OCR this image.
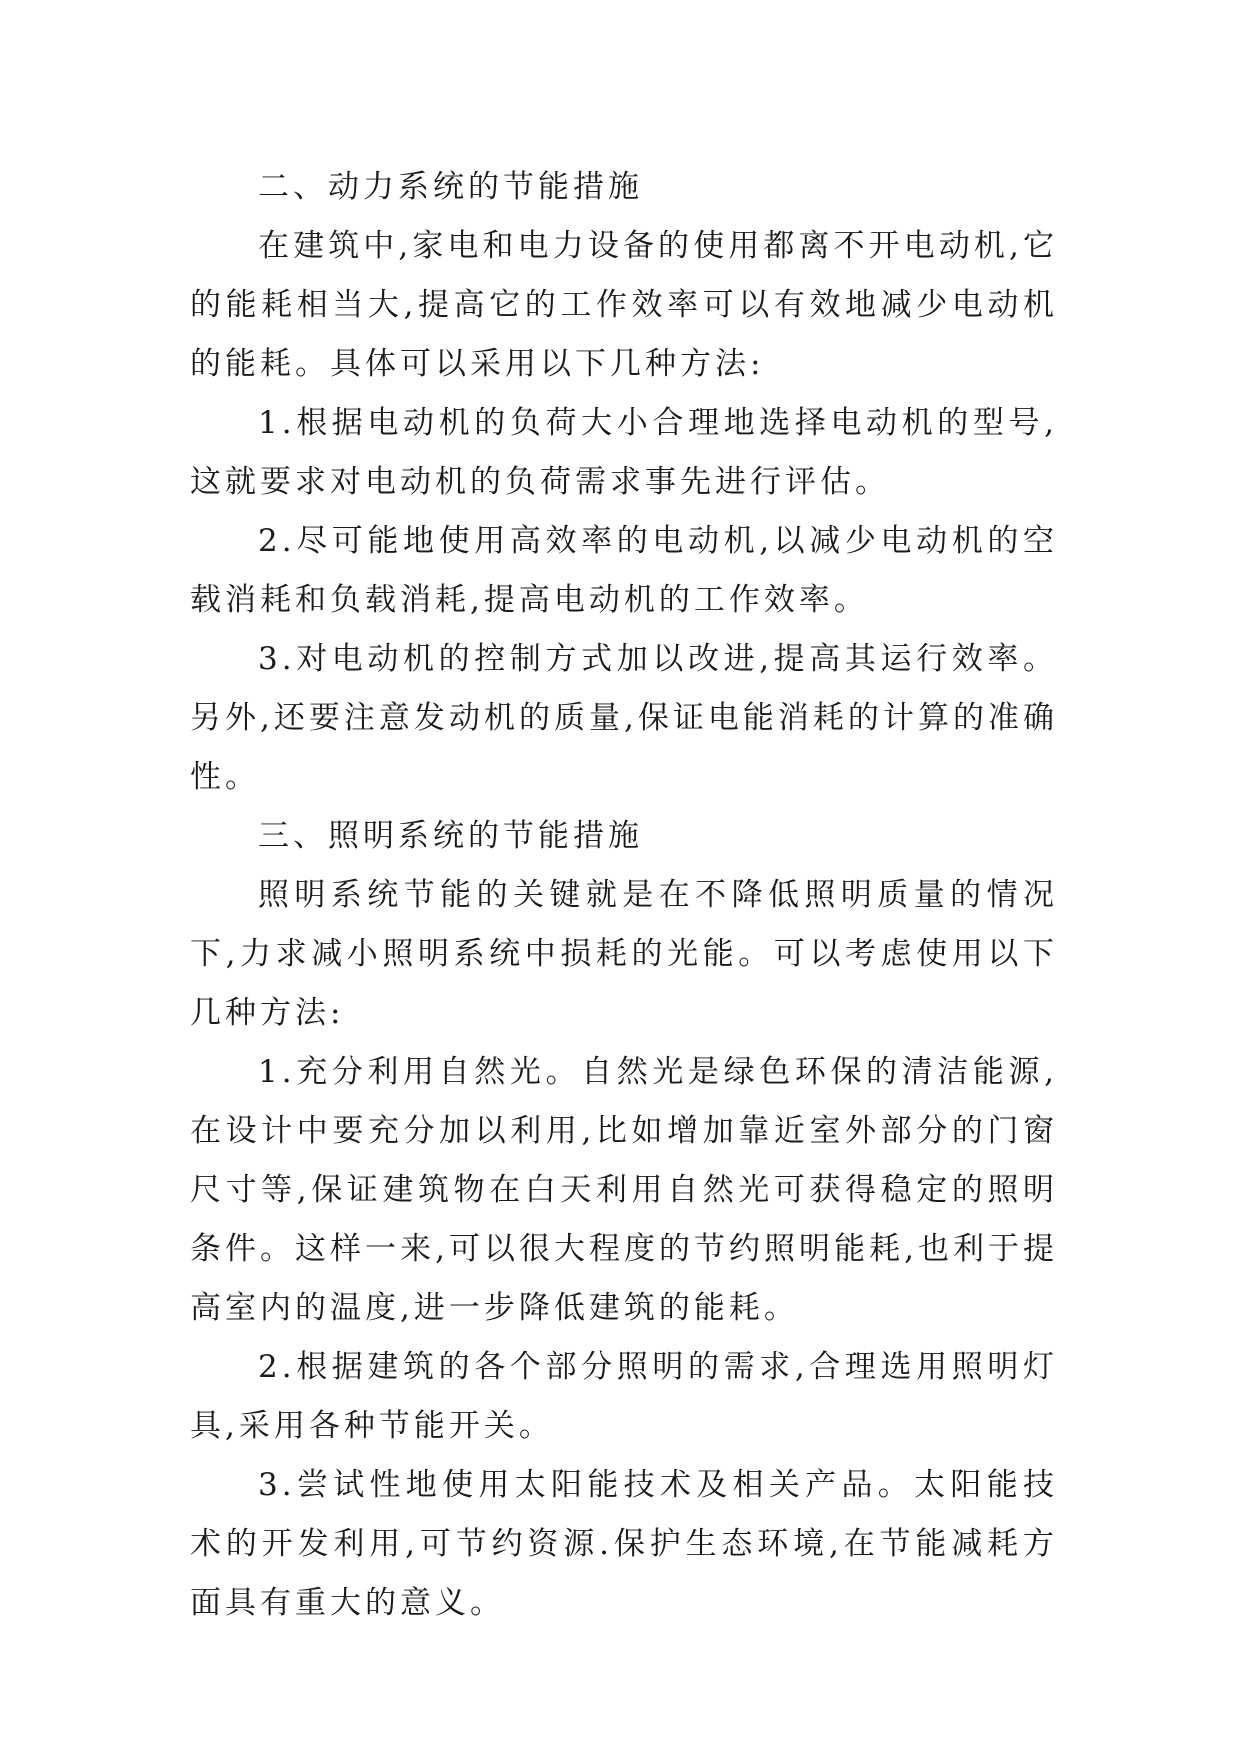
二、动力系统的节能措施

在建筑中,家电和电力设备的使用都离不开电动机,它的能耗相当大,提高它的工作效率可以有效地减少电动机的能耗。具体可以采用以下几种方法:

1.根据电动机的负荷大小合理地选择电动机的型号,这就要求对电动机的负荷需求事先进行评估。

2.尽可能地使用高效率的电动机,以减少电动机的空载消耗和负载消耗,提高电动机的工作效率。

3.对电动机的控制方式加以改进,提高其运行效率。另外,还要注意发动机的质量,保证电能消耗的计算的准确性。

三、照明系统的节能措施

照明系统节能的关键就是在不降低照明质量的情况下,力求减小照明系统中损耗的光能。可以考虑使用以下几种方法:

1.充分利用自然光。自然光是绿色环保的清洁能源,在设计中要充分加以利用,比如增加靠近室外部分的门窗尺寸等,保证建筑物在白天利用自然光可获得稳定的照明条件。这样一来,可以很大程度的节约照明能耗,也利于提高室内的温度,进一步降低建筑的能耗。

2.根据建筑的各个部分照明的需求,合理选用照明灯具,采用各种节能开关。

3.尝试性地使用太阳能技术及相关产品。太阳能技术的开发利用,可节约资源.保护生态环境,在节能减耗方面具有重大的意义。
